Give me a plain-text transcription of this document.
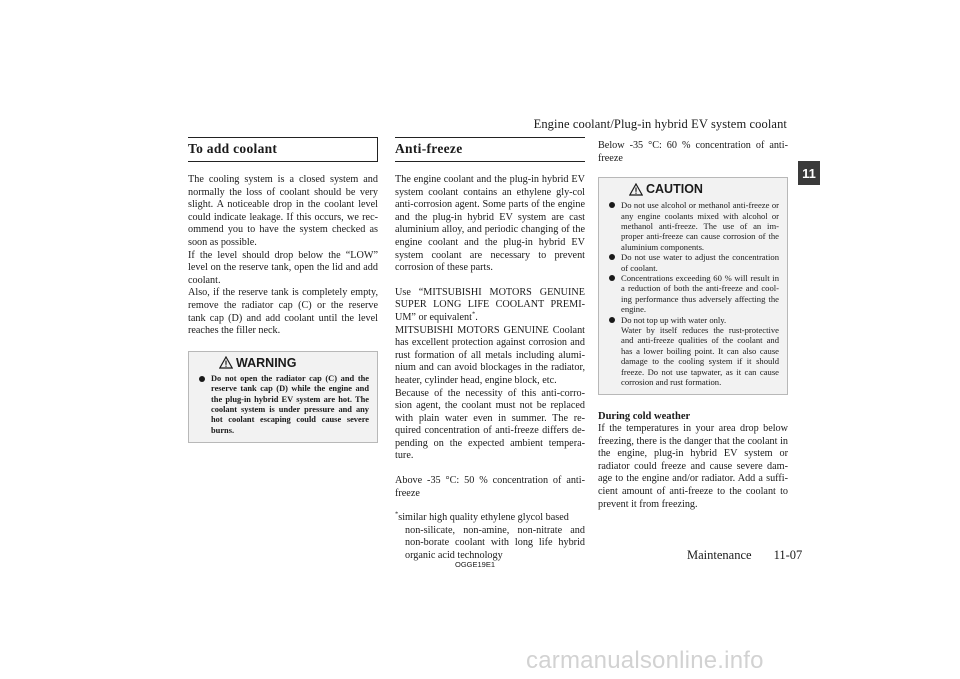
Engine coolant/Plug-in hybrid EV system coolant
To add coolant

The cooling system is a closed system and normally the loss of coolant should be very slight. A noticeable drop in the coolant level could indicate leakage. If this occurs, we rec-ommend you to have the system checked as soon as possible.

If the level should drop below the “LOW” level on the reserve tank, open the lid and add coolant.

Also, if the reserve tank is completely empty, remove the radiator cap (C) or the reserve tank cap (D) and add coolant until the level reaches the filler neck.

WARNING
Do not open the radiator cap (C) and the reserve tank cap (D) while the engine and the plug-in hybrid EV system are hot. The coolant system is under pressure and any hot coolant escaping could cause severe burns.
Anti-freeze

The engine coolant and the plug-in hybrid EV system coolant contains an ethylene gly-col anti-corrosion agent. Some parts of the engine and the plug-in hybrid EV system are cast aluminium alloy, and periodic changing of the engine coolant and the plug-in hybrid EV system coolant are necessary to prevent corrosion of these parts.

Use “MITSUBISHI MOTORS GENUINE SUPER LONG LIFE COOLANT PREMI-UM” or equivalent*.

MITSUBISHI MOTORS GENUINE Coolant has excellent protection against corrosion and rust formation of all metals including alumi-nium and can avoid blockages in the radiator, heater, cylinder head, engine block, etc.

Because of the necessity of this anti-corro-sion agent, the coolant must not be replaced with plain water even in summer. The re-quired concentration of anti-freeze differs de-pending on the expected ambient tempera-ture.

Above -35 °C: 50 % concentration of anti-freeze

*similar high quality ethylene glycol based
non-silicate, non-amine, non-nitrate and non-borate coolant with long life hybrid organic acid technology

Below -35 °C: 60 % concentration of anti-freeze

CAUTION
Do not use alcohol or methanol anti-freeze or any engine coolants mixed with alcohol or methanol anti-freeze. The use of an im-proper anti-freeze can cause corrosion of the aluminium components.
Do not use water to adjust the concentration of coolant.
Concentrations exceeding 60 % will result in a reduction of both the anti-freeze and cool-ing performance thus adversely affecting the engine.
Do not top up with water only.
Water by itself reduces the rust-protective and anti-freeze qualities of the coolant and has a lower boiling point. It can also cause damage to the cooling system if it should freeze. Do not use tapwater, as it can cause corrosion and rust formation.
During cold weather

If the temperatures in your area drop below freezing, there is the danger that the coolant in the engine, plug-in hybrid EV system or radiator could freeze and cause severe dam-age to the engine and/or radiator. Add a suffi-cient amount of anti-freeze to the coolant to prevent it from freezing.

OGGE19E1
Maintenance 11-07
11
carmanualsonline.info
